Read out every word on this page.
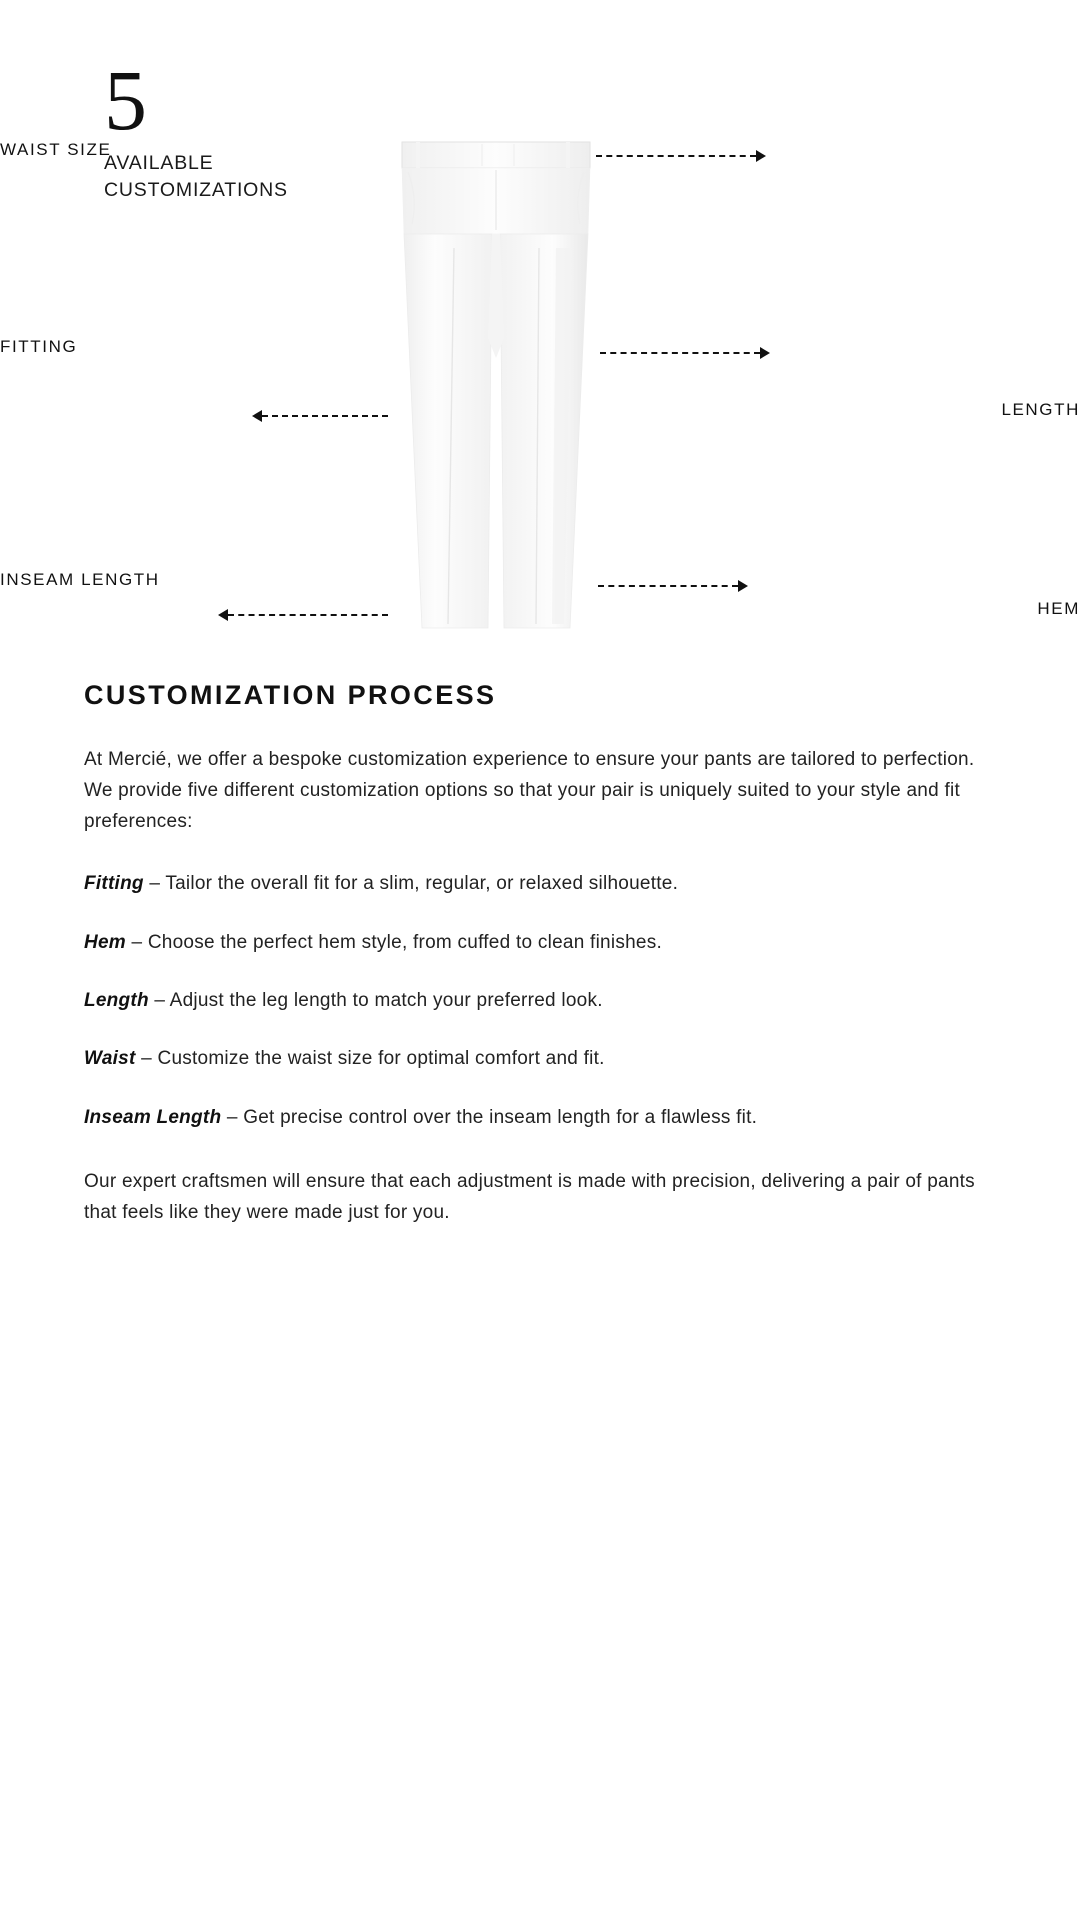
5
AVAILABLE
CUSTOMIZATIONS
WAIST SIZE
FITTING
INSEAM LENGTH
LENGTH
HEM
CUSTOMIZATION PROCESS

At Mercié, we offer a bespoke customization experience to ensure your pants are tailored to perfection. We provide five different customization options so that your pair is uniquely suited to your style and fit preferences:

Fitting – Tailor the overall fit for a slim, regular, or relaxed silhouette.

Hem – Choose the perfect hem style, from cuffed to clean finishes.

Length – Adjust the leg length to match your preferred look.

Waist – Customize the waist size for optimal comfort and fit.

Inseam Length – Get precise control over the inseam length for a flawless fit.

Our expert craftsmen will ensure that each adjustment is made with precision, delivering a pair of pants that feels like they were made just for you.
